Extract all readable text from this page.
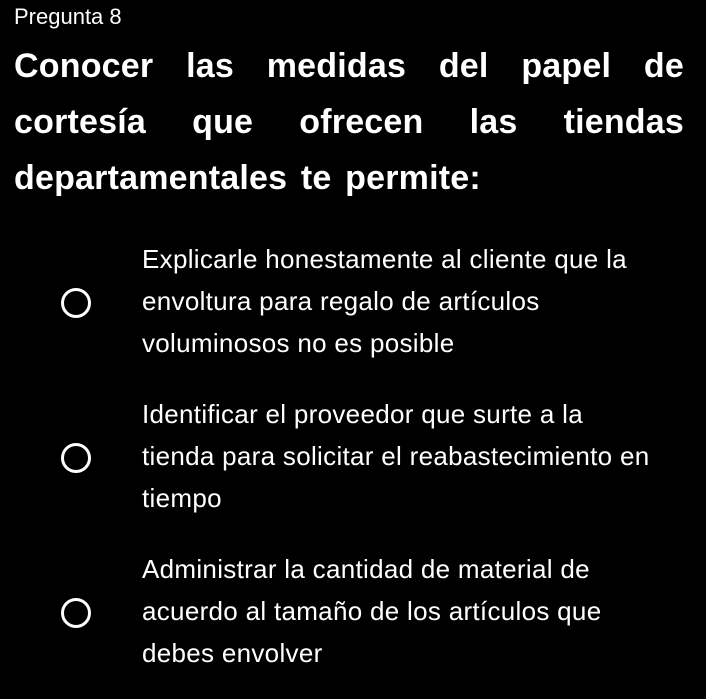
Pregunta 8
Conocer las medidas del papel de cortesía que ofrecen las tiendas departamentales te permite:
Explicarle honestamente al cliente que la envoltura para regalo de artículos voluminosos no es posible
Identificar el proveedor que surte a la tienda para solicitar el reabastecimiento en tiempo
Administrar la cantidad de material de acuerdo al tamaño de los artículos que debes envolver
